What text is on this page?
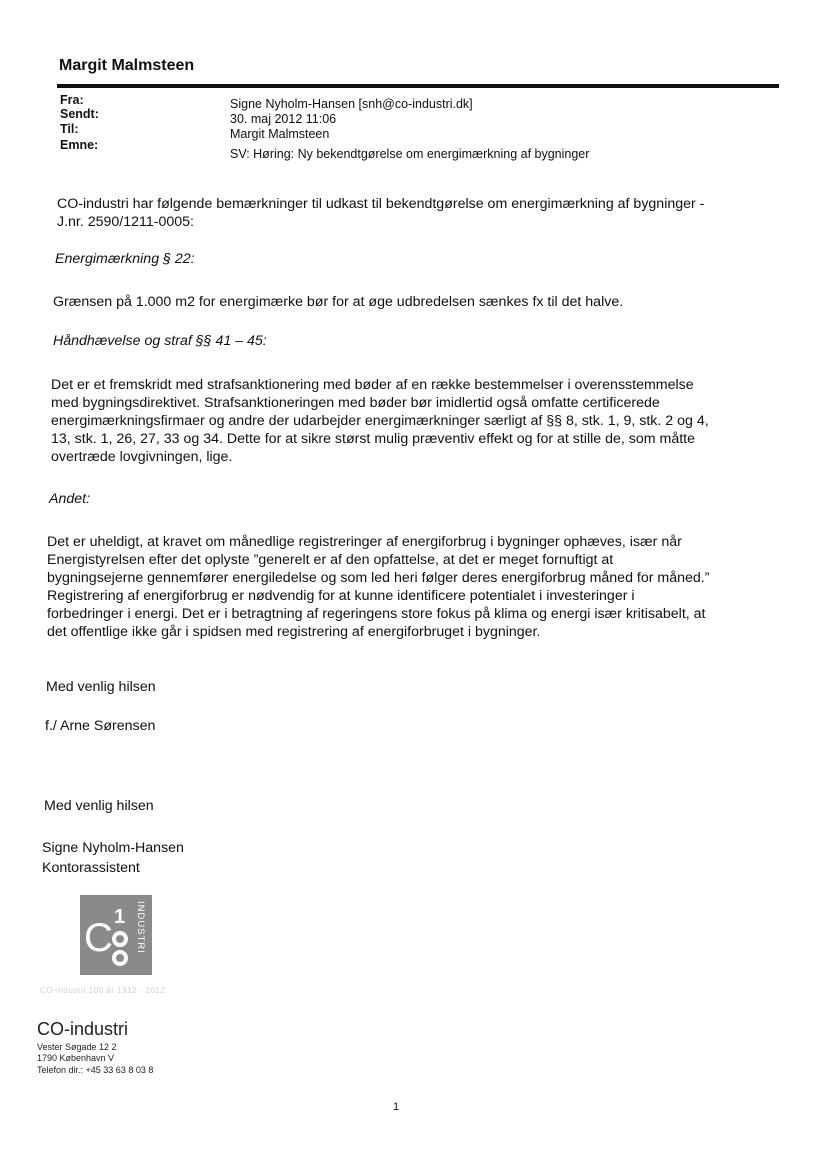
Margit Malmsteen
Fra:
Sendt:
Til:
Emne:
Signe Nyholm-Hansen [snh@co-industri.dk]
30. maj 2012 11:06
Margit Malmsteen
SV: Høring: Ny bekendtgørelse om energimærkning af bygninger
CO-industri har følgende bemærkninger til udkast til bekendtgørelse om energimærkning af bygninger -
J.nr. 2590/1211-0005:
Energimærkning § 22:
Grænsen på 1.000 m2 for energimærke bør for at øge udbredelsen sænkes fx til det halve.
Håndhævelse og straf §§ 41 – 45:
Det er et fremskridt med strafsanktionering med bøder af en række bestemmelser i overensstemmelse
med bygningsdirektivet. Strafsanktioneringen med bøder bør imidlertid også omfatte certificerede
energimærkningsfirmaer og andre der udarbejder energimærkninger særligt af §§ 8, stk. 1, 9, stk. 2 og 4,
13, stk. 1, 26, 27, 33 og 34. Dette for at sikre størst mulig præventiv effekt og for at stille de, som måtte
overtræde lovgivningen, lige.
Andet:
Det er uheldigt, at kravet om månedlige registreringer af energiforbrug i bygninger ophæves, især når
Energistyrelsen efter det oplyste ”generelt er af den opfattelse, at det er meget fornuftigt at
bygningsejerne gennemfører energiledelse og som led heri følger deres energiforbrug måned for måned.”
Registrering af energiforbrug er nødvendig for at kunne identificere potentialet i investeringer i
forbedringer i energi. Det er i betragtning af regeringens store fokus på klima og energi især kritisabelt, at
det offentlige ikke går i spidsen med registrering af energiforbruget i bygninger.
Med venlig hilsen
f./ Arne Sørensen
Med venlig hilsen
Signe Nyholm-Hansen
Kontorassistent
C 1 INDUSTRI
CO-industri 100 år 1912 - 2012
CO-industri
Vester Søgade 12 2
1790 København V
Telefon dir.: +45 33 63 8 03 8
1
